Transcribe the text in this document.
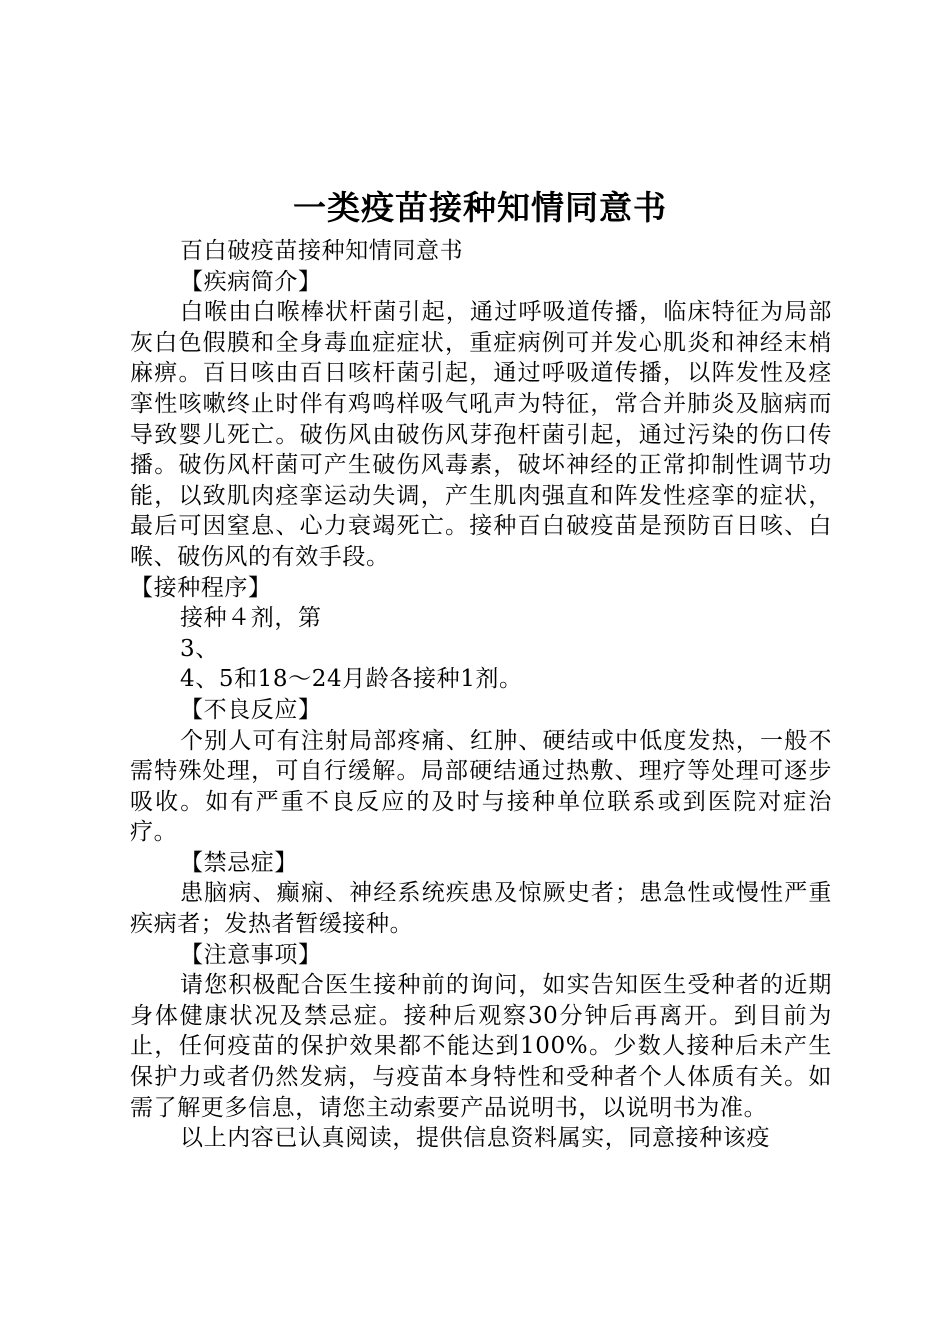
一类疫苗接种知情同意书

百白破疫苗接种知情同意书

【疾病简介】

白喉由白喉棒状杆菌引起，通过呼吸道传播，临床特征为局部灰白色假膜和全身毒血症症状，重症病例可并发心肌炎和神经末梢麻痹。百日咳由百日咳杆菌引起，通过呼吸道传播，以阵发性及痉挛性咳嗽终止时伴有鸡鸣样吸气吼声为特征，常合并肺炎及脑病而导致婴儿死亡。破伤风由破伤风芽孢杆菌引起，通过污染的伤口传播。破伤风杆菌可产生破伤风毒素，破坏神经的正常抑制性调节功能，以致肌肉痉挛运动失调，产生肌肉强直和阵发性痉挛的症状，最后可因窒息、心力衰竭死亡。接种百白破疫苗是预防百日咳、白喉、破伤风的有效手段。

【接种程序】

接种４剂，第

3、

4、5和18～24月龄各接种1剂。

【不良反应】

个别人可有注射局部疼痛、红肿、硬结或中低度发热，一般不需特殊处理，可自行缓解。局部硬结通过热敷、理疗等处理可逐步吸收。如有严重不良反应的及时与接种单位联系或到医院对症治疗。

【禁忌症】

患脑病、癫痫、神经系统疾患及惊厥史者；患急性或慢性严重疾病者；发热者暂缓接种。

【注意事项】

请您积极配合医生接种前的询问，如实告知医生受种者的近期身体健康状况及禁忌症。接种后观察30分钟后再离开。到目前为止，任何疫苗的保护效果都不能达到100%。少数人接种后未产生保护力或者仍然发病，与疫苗本身特性和受种者个人体质有关。如需了解更多信息，请您主动索要产品说明书，以说明书为准。

以上内容已认真阅读，提供信息资料属实，同意接种该疫
